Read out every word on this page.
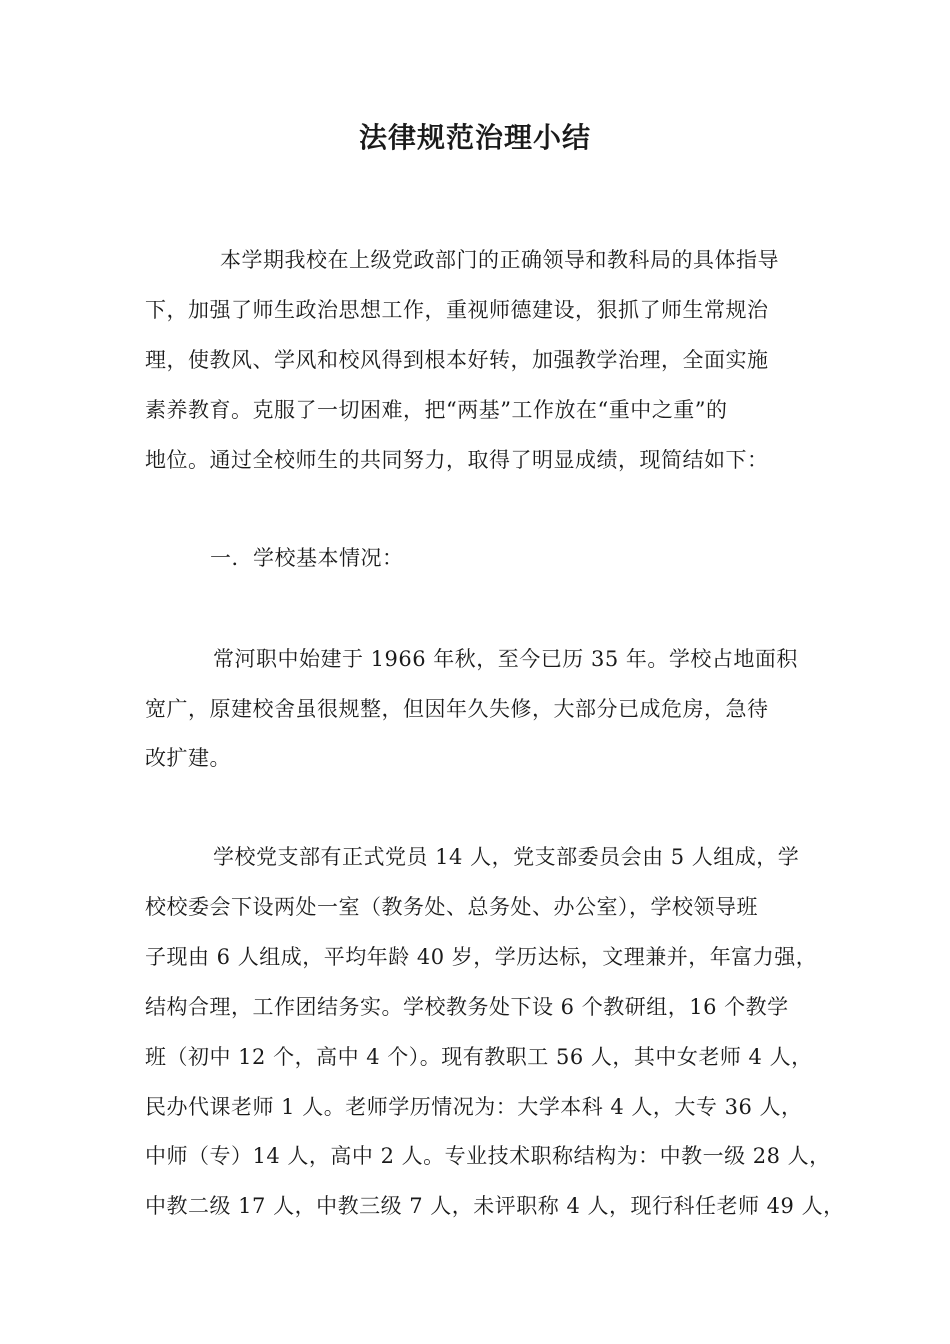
法律规范治理小结
本学期我校在上级党政部门的正确领导和教科局的具体指导
下，加强了师生政治思想工作，重视师德建设，狠抓了师生常规治
理，使教风、学风和校风得到根本好转，加强教学治理，全面实施
素养教育。克服了一切困难，把“两基”工作放在“重中之重”的
地位。通过全校师生的共同努力，取得了明显成绩，现简结如下：
一．学校基本情况：
常河职中始建于 1966 年秋，至今已历 35 年。学校占地面积
宽广，原建校舍虽很规整，但因年久失修，大部分已成危房，急待
改扩建。
学校党支部有正式党员 14 人，党支部委员会由 5 人组成，学
校校委会下设两处一室（教务处、总务处、办公室），学校领导班
子现由 6 人组成，平均年龄 40 岁，学历达标，文理兼并，年富力强，
结构合理，工作团结务实。学校教务处下设 6 个教研组，16 个教学
班（初中 12 个，高中 4 个）。现有教职工 56 人，其中女老师 4 人，
民办代课老师 1 人。老师学历情况为：大学本科 4 人，大专 36 人，
中师（专）14 人，高中 2 人。专业技术职称结构为：中教一级 28 人，
中教二级 17 人，中教三级 7 人，未评职称 4 人，现行科任老师 49 人，
